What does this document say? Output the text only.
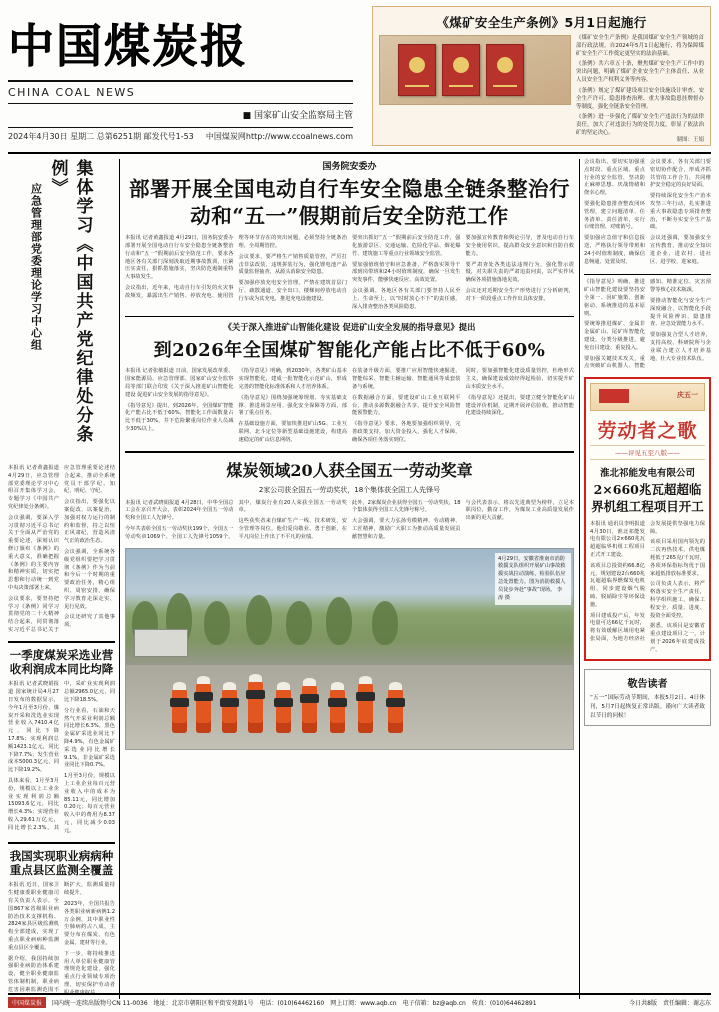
中国煤炭报
CHINA COAL NEWS
■ 国家矿山安全监察局主管
2024年4月30日 星期二 总第6251期 邮发代号1-53 中国煤炭网http://www.ccoalnews.com
《煤矿安全生产条例》5月1日起施行

《煤矿安全生产条例》是我国煤矿安全生产领域的首部行政法规，自2024年5月1日起施行，将为保障煤矿安全生产工作奠定更坚实的法治基础。

《条例》共六章五十条，聚焦煤矿安全生产工作中的突出问题，明确了煤矿企业安全生产主体责任、从业人员安全生产权利义务等内容。

《条例》规定了煤矿建设项目安全设施设计审查、安全生产许可、隐患排查治理、重大事故隐患挂牌督办等制度，强化全链条安全管理。

《条例》进一步强化了煤矿安全生产违法行为的法律责任，加大了对违法行为的处罚力度，彰显了依法治矿的坚定决心。

制图：王娟
应急管理部党委理论学习中心组	集体学习《中国共产党纪律处分条例》

本报讯 记者黄鑫报道 4月29日，应急管理部党委理论学习中心组召开集体学习会，专题学习《中国共产党纪律处分条例》。

会议强调，要深入学习贯彻习近平总书记关于全面从严治党的重要论述，深刻认识修订颁布《条例》的重大意义，准确把握《条例》的主要内容和精神实质，切实把思想和行动统一到党中央决策部署上来。

会议要求，要坚持把学习《条例》同学习贯彻党的二十大精神结合起来，同贯彻落实习近平总书记关于应急管理重要论述结合起来，推动全系统党员干部学纪、知纪、明纪、守纪。

会议指出，要强化以案促改、以案促治，加强对权力运行的制约和监督，持之以恒正风肃纪，营造风清气正的政治生态。

会议强调，全系统各级党组织要把学习贯彻《条例》作为当前和今后一个时期的重要政治任务，精心组织、周密安排，确保学习教育走深走实、见行见效。

会议还研究了其他事项。

一季度煤炭采选业营收利润成本同比均降

本报讯 记者武晓娟报道 国家统计局4月27日发布的数据显示，今年1月至3月份，煤炭开采和洗选业实现营业收入7410.4亿元，同比下降17.8%；实现利润总额1423.1亿元，同比下降7.7%；发生营业成本5000.3亿元，同比下降19.2%。

具体来看，1月至3月份，规模以上工业企业实现利润总额15093.6亿元，同比增长4.3%；实现营业收入29.61万亿元，同比增长2.3%。其中，采矿业实现利润总额2965.0亿元，同比下降18.5%。

分行业看，石油和天然气开采业利润总额同比增长6.3%，黑色金属矿采选业同比下降4.9%，有色金属矿采选业同比增长9.1%，非金属矿采选业同比下降0.7%。

1月至3月份，规模以上工业企业每百元营业收入中的成本为85.11元，同比增加0.20元；每百元营业收入中的费用为8.37元，同比减少0.03元。

我国实现职业病病种重点县区监测全覆盖

本报讯 近日，国家卫生健康委职业健康司有关负责人表示，全国867家省级职业病防治技术支撑机构、2824家县区级监测机构全部建成，实现了重点职业病病种监测重点县区全覆盖。

据介绍，我国持续加强职业病防治体系建设，健全职业健康监管体制机制，职业病危害因素监测范围不断扩大，监测质量持续提升。

2023年，全国共报告各类职业病新病例1.2万余例，其中职业性尘肺病约占八成，主要分布在煤炭、有色金属、建材等行业。

下一步，将持续推进用人单位职业健康管理规范化建设，强化重点行业领域专项治理，切实保护劳动者职业健康权益。

国务院安委办
部署开展全国电动自行车安全隐患全链条整治行动和“五一”假期前后安全防范工作

本报讯 记者黄鑫报道 4月29日，国务院安委办部署开展全国电动自行车安全隐患全链条整治行动和“五一”假期前后安全防范工作，要求各地区各有关部门深刻汲取近期事故教训，压紧压实责任，狠抓措施落实，坚决防范遏制重特大事故发生。

会议指出，近年来，电动自行车引发的火灾事故频发，暴露出生产销售、停放充电、使用管理等环节存在的突出问题，必须坚持全链条治理、全周期管控。

会议要求，要严格生产销售质量管控，严厉打击非法改装、违规拼装行为，强化锂电池产品质量监督抽查，从源头消除安全隐患。

要加强停放充电安全管理，严禁在建筑首层门厅、疏散通道、安全出口、楼梯间停放电动自行车或为其充电，推进充电设施建设。

要突出抓好“五一”假期前后安全防范工作，强化旅游景区、交通运输、危险化学品、烟花爆竹、建筑施工等重点行业领域安全监管。

要加强值班值守和应急准备，严格落实领导干部到岗带班和24小时值班制度，确保一旦发生突发事件，能够快速反应、高效处置。

会议强调，各地区各有关部门要坚持人民至上、生命至上，以“时时放心不下”的责任感，深入排查整治各类风险隐患。

要加强宣传教育和舆论引导，普及电动自行车安全使用常识，提高群众安全意识和自防自救能力。

要严肃查处各类违法违规行为，强化警示震慑，对失职失责的严肃追责问责，以严实作风确保各项措施落地见效。

会议还对近期安全生产形势进行了分析研判，对下一阶段重点工作作出具体安排。

《关于深入推进矿山智能化建设 促进矿山安全发展的指导意见》提出
到2026年全国煤矿智能化产能占比不低于60%

本报讯 记者张敏报道 日前，国家发展改革委、国家能源局、应急管理部、国家矿山安全监察局等部门联合印发《关于深入推进矿山智能化建设 促进矿山安全发展的指导意见》。

《指导意见》提出，到2026年，全国煤矿智能化产能占比不低于60%，智能化工作面数量占比不低于30%，井下危险繁重岗位作业人员减少30%以上。

《指导意见》明确，到2030年，各类矿山基本实现智能化，建成一批智能化示范矿山，形成完善的智能化标准体系和人才培养体系。

《指导意见》围绕加强统筹规划、夯实基础支撑、推进场景应用、强化安全保障等方面，部署了重点任务。

在基础设施方面，要加快推进矿山5G、工业互联网、北斗定位等新型基础设施建设，构建高速稳定的矿山信息网络。

在装备升级方面，要推广应用智能快速掘进、智能综采、智能主辅运输、智能通风等成套装备与系统。

在数据融合方面，要建设矿山工业互联网平台，推动多源数据融合共享，提升安全风险智能预警能力。

《指导意见》要求，各地要加强组织领导，完善政策支持，加大资金投入，强化人才保障，确保各项任务落实到位。

同时，要加强智能化建设质量管控，杜绝形式主义，确保建设成效经得起检验，切实提升矿山本质安全水平。

《指导意见》还提出，要建立健全智能化矿山建设评价机制，定期开展评估验收，推动智能化建设持续深化。

煤炭领域20人获全国五一劳动奖章
2家公司获全国五一劳动奖状，18个集体获全国工人先锋号

本报讯 记者武晓娟报道 4月28日，中华全国总工会在京召开大会，表彰2024年全国五一劳动奖和全国工人先锋号。

今年共表彰全国五一劳动奖状199个、全国五一劳动奖章1069个、全国工人先锋号1059个。其中，煤炭行业有20人荣获全国五一劳动奖章。

这些获奖者来自煤矿生产一线、技术研发、安全管理等岗位，他们爱岗敬业、勇于创新，在平凡岗位上作出了不平凡的业绩。

此外，2家煤炭企业获得全国五一劳动奖状，18个集体获得全国工人先锋号称号。

大会强调，要大力弘扬劳模精神、劳动精神、工匠精神，激励广大职工为推动高质量发展贡献智慧和力量。

与会代表表示，将以先进典型为榜样，立足本职岗位，勤奋工作，为煤炭工业高质量发展作出新的更大贡献。

4月29日，安徽省淮南市消防救援支队组织开展矿山事故救援实战拉动演练，检验队伍应急处置能力。图为消防救援人员徒步奔赴“事故”现场。 李 涛 摄

会议指出，要切实加强重点时段、重点区域、重点行业的安全监管，坚决防止麻痹思想、厌战情绪和侥幸心理。

要强化隐患排查整改闭环管理，建立问题清单、任务清单、责任清单，实行台账管理、对账销号。

要加强应急值守和信息报送，严格执行领导带班和24小时值班制度，确保信息畅通、处置及时。

会议要求，各有关部门要密切协作配合，形成齐抓共管的工作合力，共同维护安全稳定的良好局面。

要持续深化安全生产治本攻坚三年行动，扎实推进重大事故隐患专项排查整治，不断夯实安全生产基础。

会议还强调，要加强安全宣传教育，推动安全知识进企业、进农村、进社区、进学校、进家庭。

《指导意见》明确，推进矿山智能化建设要坚持安全第一、因矿施策、创新驱动、系统推进的基本原则。

要统筹推进煤矿、金属非金属矿山、尾矿库智能化建设，分类分级推进，避免盲目建设、重复投入。

要加强关键技术攻关，重点突破矿山机器人、智能感知、精准定位、灾害预警等核心技术瓶颈。

要推动智能化与安全生产深度融合，以智能化手段提升风险辨识、隐患排查、应急处置能力水平。

要加强复合型人才培养，支持高校、科研院所与企业联合建立人才培养基地，壮大专业技术队伍。

庆五一
劳动者之歌
——评见五至八版——
淮北祁能发电有限公司
2×660兆瓦超超临界机组工程项目开工

本报讯 通讯员李明报道 4月30日，淮北祁能发电有限公司2×660兆瓦超超临界机组工程项目正式开工建设。

该项目总投资约66.8亿元，规划建设2台660兆瓦超超临界燃煤发电机组，同步建设烟气脱硫、脱硝除尘等环保设施。

项目建成投产后，年发电量可达66亿千瓦时，将有效缓解区域用电紧张局面，为地方经济社会发展提供坚强电力保障。

该项目采用国内领先的二次再热技术，供电煤耗低于265克/千瓦时，各项环保指标均优于国家超低排放标准要求。

公司负责人表示，将严格落实安全生产责任，科学组织施工，确保工程安全、质量、进度、投资全面受控。

据悉，该项目是安徽省重点建设项目之一，计划于2026年底建成投产。

敬告读者
“五一”国际劳动节期间，本报5月2日、4日休刊，5月7日起恢复正常出版。谨向广大读者致以节日的问候！
中国煤炭报	国内统一连续出版物号CN 11-0036 地址：北京市朝阳区和平街安苑路1号 电话：(010)64462160 网上订阅：www.aqb.cn 电子信箱：bz@aqb.cn 传真：(010)64462891	今日共8版 责任编辑：谢志东
